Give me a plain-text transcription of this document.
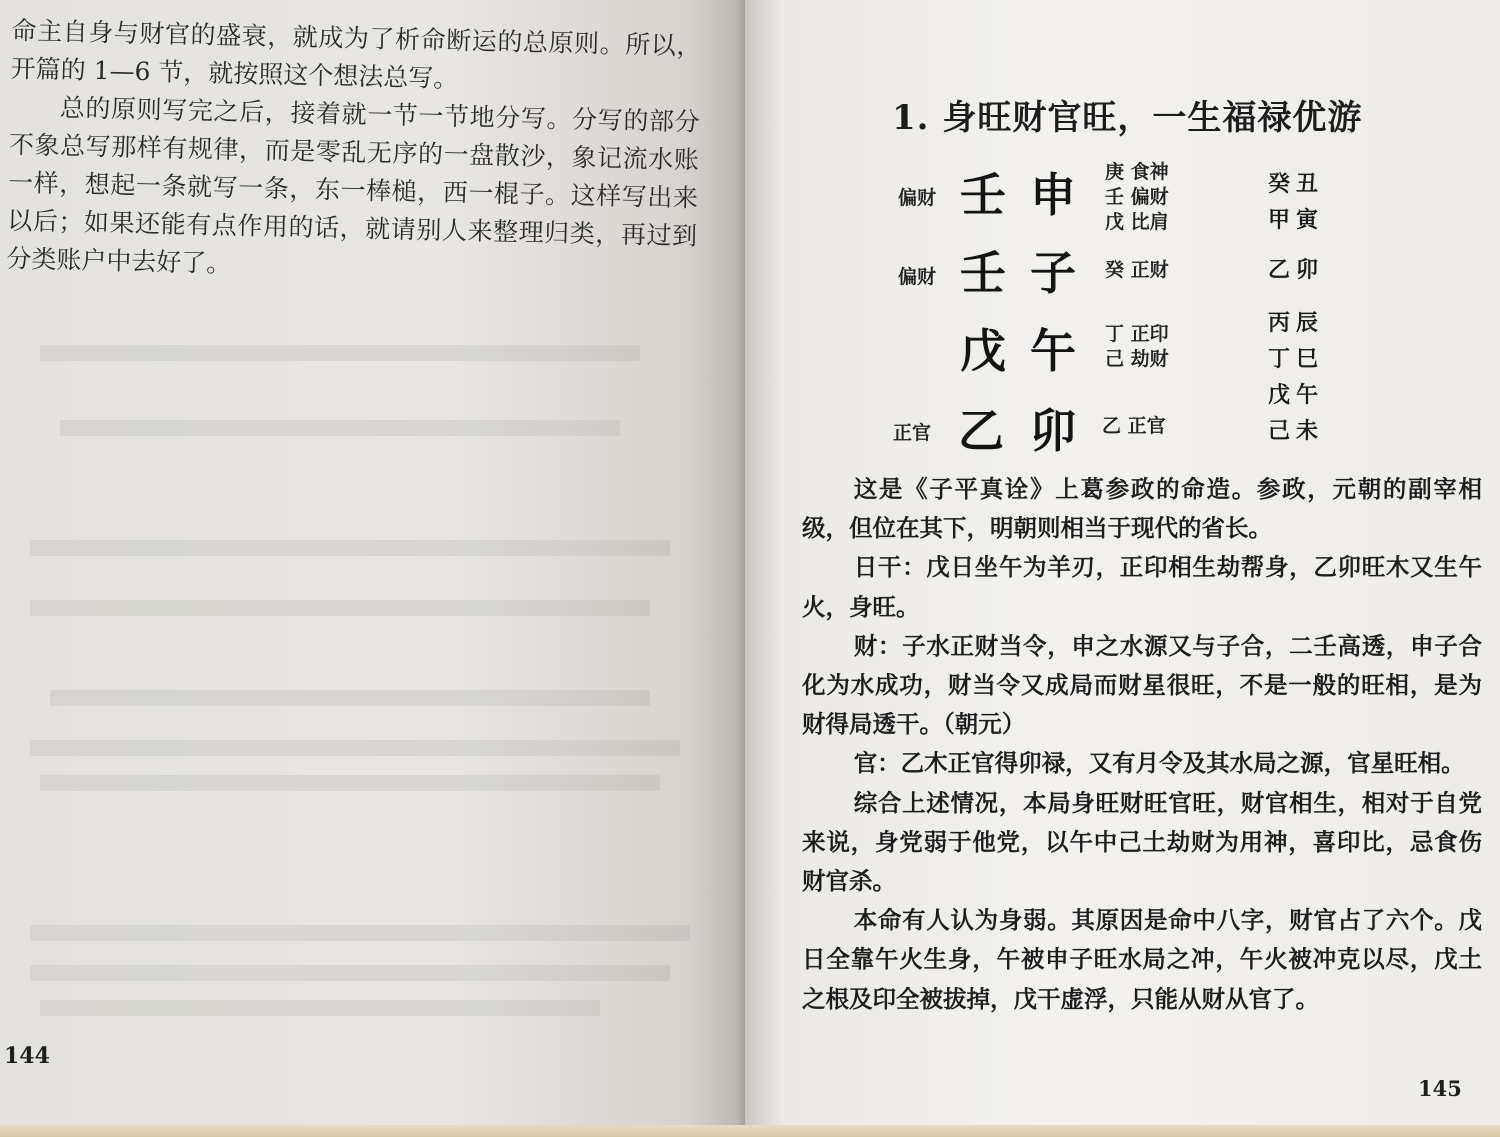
命主自身与财官的盛衰，就成为了析命断运的总原则。所以，开篇的 1—6 节，就按照这个想法总写。

总的原则写完之后，接着就一节一节地分写。分写的部分不象总写那样有规律，而是零乱无序的一盘散沙，象记流水账一样，想起一条就写一条，东一棒槌，西一棍子。这样写出来以后；如果还能有点作用的话，就请别人来整理归类，再过到分类账户中去好了。

144
1. 身旺财官旺，一生福禄优游
偏财 壬 申 庚 食神
壬 偏财
戊 比肩
偏财 壬 子 癸 正财
戊 午 丁 正印
己 劫财
正官 乙 卯 乙 正官
癸丑
甲寅
乙卯
丙辰
丁巳
戊午
己未

这是《子平真诠》上葛参政的命造。参政，元朝的副宰相级，但位在其下，明朝则相当于现代的省长。

日干：戊日坐午为羊刃，正印相生劫帮身，乙卯旺木又生午火，身旺。

财：子水正财当令，申之水源又与子合，二壬高透，申子合化为水成功，财当令又成局而财星很旺，不是一般的旺相，是为财得局透干。（朝元）

官：乙木正官得卯禄，又有月令及其水局之源，官星旺相。

综合上述情况，本局身旺财旺官旺，财官相生，相对于自党来说，身党弱于他党，以午中己土劫财为用神，喜印比，忌食伤财官杀。

本命有人认为身弱。其原因是命中八字，财官占了六个。戊日全靠午火生身，午被申子旺水局之冲，午火被冲克以尽，戊土之根及印全被拔掉，戊干虚浮，只能从财从官了。

145
